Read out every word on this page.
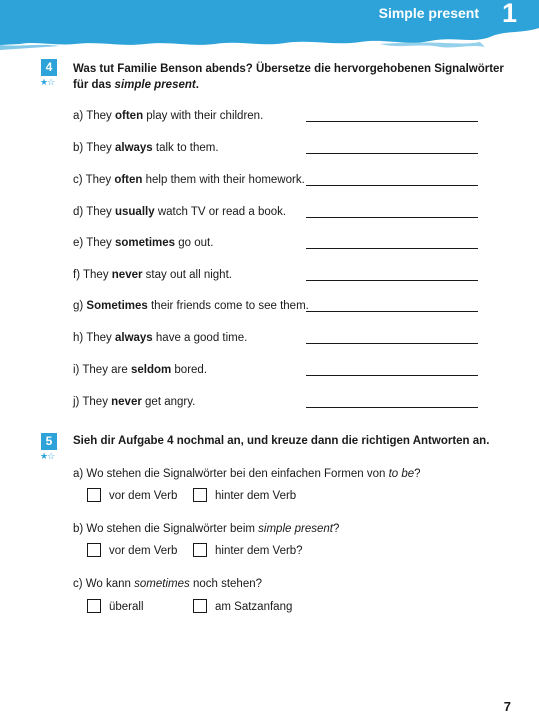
Simple present 1
4
★☆
Was tut Familie Benson abends? Übersetze die hervorgehobenen Signalwörter
für das simple present.
a) They often play with their children.
b) They always talk to them.
c) They often help them with their homework.
d) They usually watch TV or read a book.
e) They sometimes go out.
f) They never stay out all night.
g) Sometimes their friends come to see them.
h) They always have a good time.
i) They are seldom bored.
j) They never get angry.
5
★☆
Sieh dir Aufgabe 4 nochmal an, und kreuze dann die richtigen Antworten an.
a) Wo stehen die Signalwörter bei den einfachen Formen von to be?
vor dem Verb	hinter dem Verb
b) Wo stehen die Signalwörter beim simple present?
vor dem Verb	hinter dem Verb?
c) Wo kann sometimes noch stehen?
überall	am Satzanfang
7
